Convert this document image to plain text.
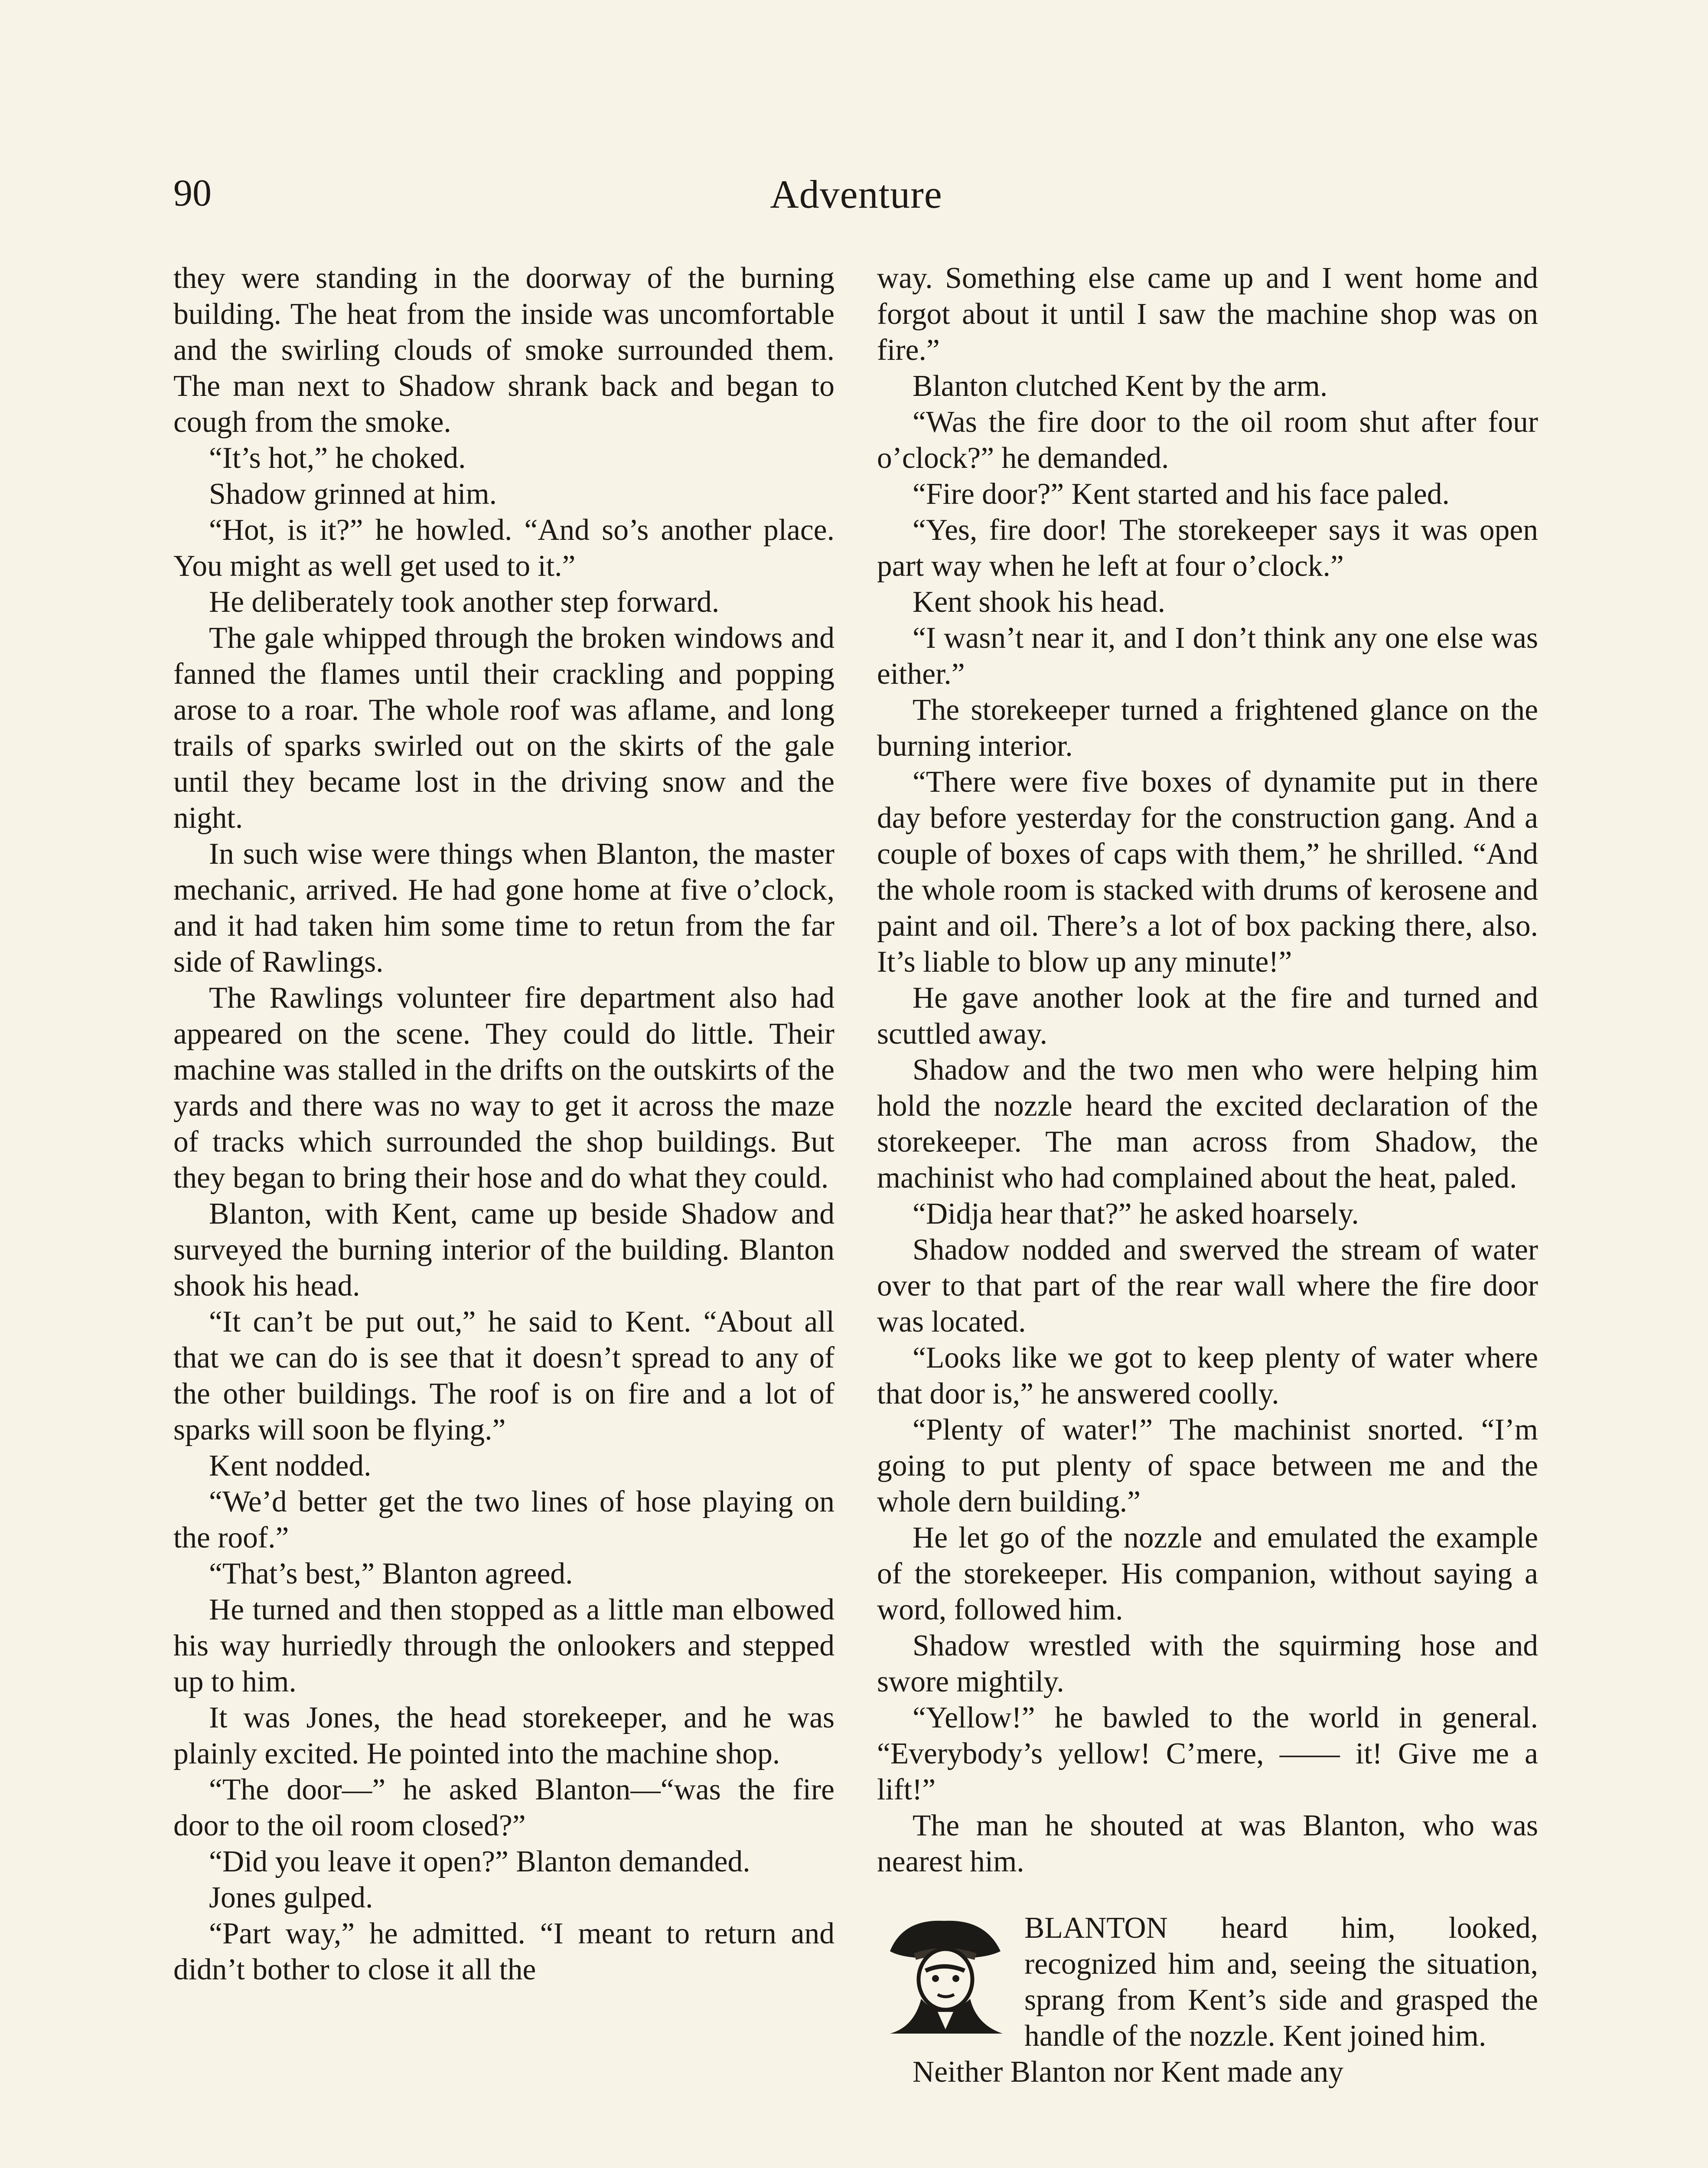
90	Adventure

they were standing in the doorway of the burning building. The heat from the inside was uncomfortable and the swirling clouds of smoke surrounded them. The man next to Shadow shrank back and began to cough from the smoke.

“It’s hot,” he choked.

Shadow grinned at him.

“Hot, is it?” he howled. “And so’s another place. You might as well get used to it.”

He deliberately took another step forward.

The gale whipped through the broken windows and fanned the flames until their crackling and popping arose to a roar. The whole roof was aflame, and long trails of sparks swirled out on the skirts of the gale until they became lost in the driving snow and the night.

In such wise were things when Blanton, the master mechanic, arrived. He had gone home at five o’clock, and it had taken him some time to retun from the far side of Rawlings.

The Rawlings volunteer fire department also had appeared on the scene. They could do little. Their machine was stalled in the drifts on the outskirts of the yards and there was no way to get it across the maze of tracks which surrounded the shop buildings. But they began to bring their hose and do what they could.

Blanton, with Kent, came up beside Shadow and surveyed the burning interior of the building. Blanton shook his head.

“It can’t be put out,” he said to Kent. “About all that we can do is see that it doesn’t spread to any of the other buildings. The roof is on fire and a lot of sparks will soon be flying.”

Kent nodded.

“We’d better get the two lines of hose playing on the roof.”

“That’s best,” Blanton agreed.

He turned and then stopped as a little man elbowed his way hurriedly through the onlookers and stepped up to him.

It was Jones, the head storekeeper, and he was plainly excited. He pointed into the machine shop.

“The door—” he asked Blanton—“was the fire door to the oil room closed?”

“Did you leave it open?” Blanton demanded.

Jones gulped.

“Part way,” he admitted. “I meant to return and didn’t bother to close it all the

way. Something else came up and I went home and forgot about it until I saw the machine shop was on fire.”

Blanton clutched Kent by the arm.

“Was the fire door to the oil room shut after four o’clock?” he demanded.

“Fire door?” Kent started and his face paled.

“Yes, fire door! The storekeeper says it was open part way when he left at four o’clock.”

Kent shook his head.

“I wasn’t near it, and I don’t think any one else was either.”

The storekeeper turned a frightened glance on the burning interior.

“There were five boxes of dynamite put in there day before yesterday for the construction gang. And a couple of boxes of caps with them,” he shrilled. “And the whole room is stacked with drums of kerosene and paint and oil. There’s a lot of box packing there, also. It’s liable to blow up any minute!”

He gave another look at the fire and turned and scuttled away.

Shadow and the two men who were helping him hold the nozzle heard the excited declaration of the storekeeper. The man across from Shadow, the machinist who had complained about the heat, paled.

“Didja hear that?” he asked hoarsely.

Shadow nodded and swerved the stream of water over to that part of the rear wall where the fire door was located.

“Looks like we got to keep plenty of water where that door is,” he answered coolly.

“Plenty of water!” The machinist snorted. “I’m going to put plenty of space between me and the whole dern building.”

He let go of the nozzle and emulated the example of the storekeeper. His companion, without saying a word, followed him.

Shadow wrestled with the squirming hose and swore mightily.

“Yellow!” he bawled to the world in general. “Everybody’s yellow! C’mere, —— it! Give me a lift!”

The man he shouted at was Blanton, who was nearest him.

BLANTON heard him, looked, recognized him and, seeing the situation, sprang from Kent’s side and grasped the handle of the nozzle. Kent joined him.

Neither Blanton nor Kent made any
